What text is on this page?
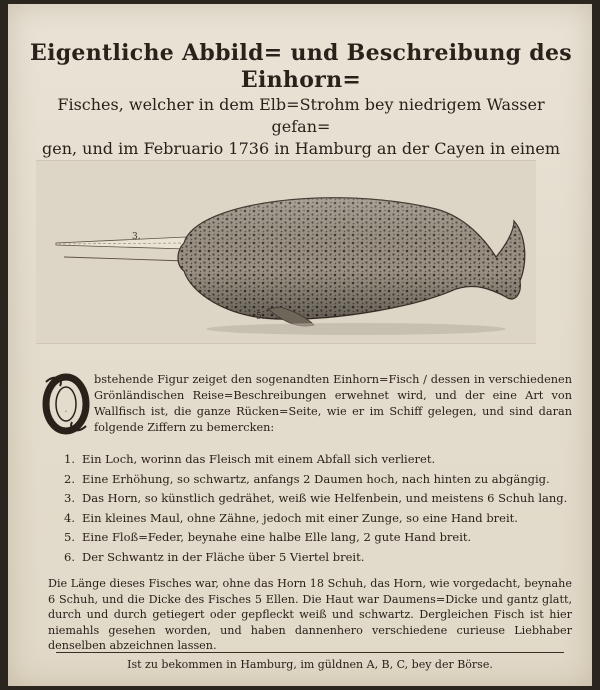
Eigentliche Abbild= und Beschreibung des Einhorn=
Fisches, welcher in dem Elb=Strohm bey niedrigem Wasser gefan=
gen, und im Februario 1736 in Hamburg an der Cayen in einem
3.
5.
O
bstehende Figur zeiget den sogenandten Einhorn=Fisch / dessen in verschiedenen Grönländischen Reise=Beschreibungen erwehnet wird, und der eine Art von Wallfisch ist, die ganze Rücken=Seite, wie er im Schiff gelegen, und sind daran folgende Ziffern zu bemercken:
1. Ein Loch, worinn das Fleisch mit einem Abfall sich verlieret.
2. Eine Erhöhung, so schwartz, anfangs 2 Daumen hoch, nach hinten zu abgängig.
3. Das Horn, so künstlich gedrähet, weiß wie Helfenbein, und meistens 6 Schuh lang.
4. Ein kleines Maul, ohne Zähne, jedoch mit einer Zunge, so eine Hand breit.
5. Eine Floß=Feder, beynahe eine halbe Elle lang, 2 gute Hand breit.
6. Der Schwantz in der Fläche über 5 Viertel breit.
Die Länge dieses Fisches war, ohne das Horn 18 Schuh, das Horn, wie vorgedacht, beynahe 6 Schuh, und die Dicke des Fisches 5 Ellen. Die Haut war Daumens=Dicke und gantz glatt, durch und durch getiegert oder gepfleckt weiß und schwartz. Dergleichen Fisch ist hier niemahls gesehen worden, und haben dannenhero verschiedene curieuse Liebhaber denselben abzeichnen lassen.
Ist zu bekommen in Hamburg, im güldnen A, B, C, bey der Börse.
